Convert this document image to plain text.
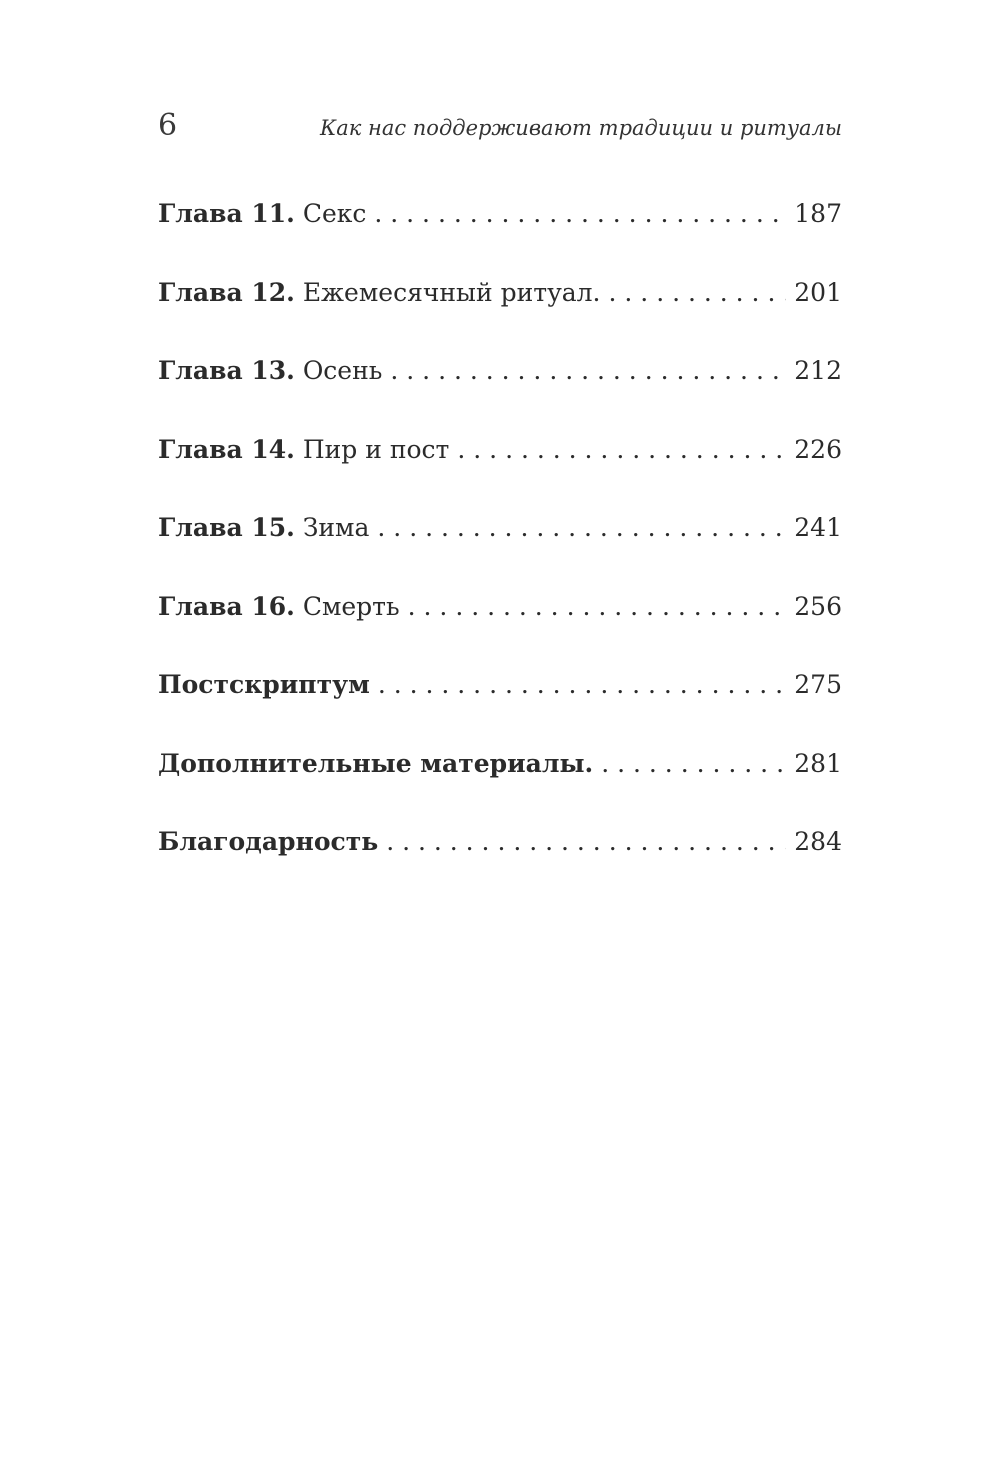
6	Как нас поддерживают традиции и ритуалы
Глава 11. Секс . . .	187
Глава 12. Ежемесячный ритуал. . . .	201
Глава 13. Осень . . .	212
Глава 14. Пир и пост . . .	226
Глава 15. Зима . . .	241
Глава 16. Смерть . . .	256
Постскриптум . . .	275
Дополнительные материалы. . . .	281
Благодарность . . .	284
